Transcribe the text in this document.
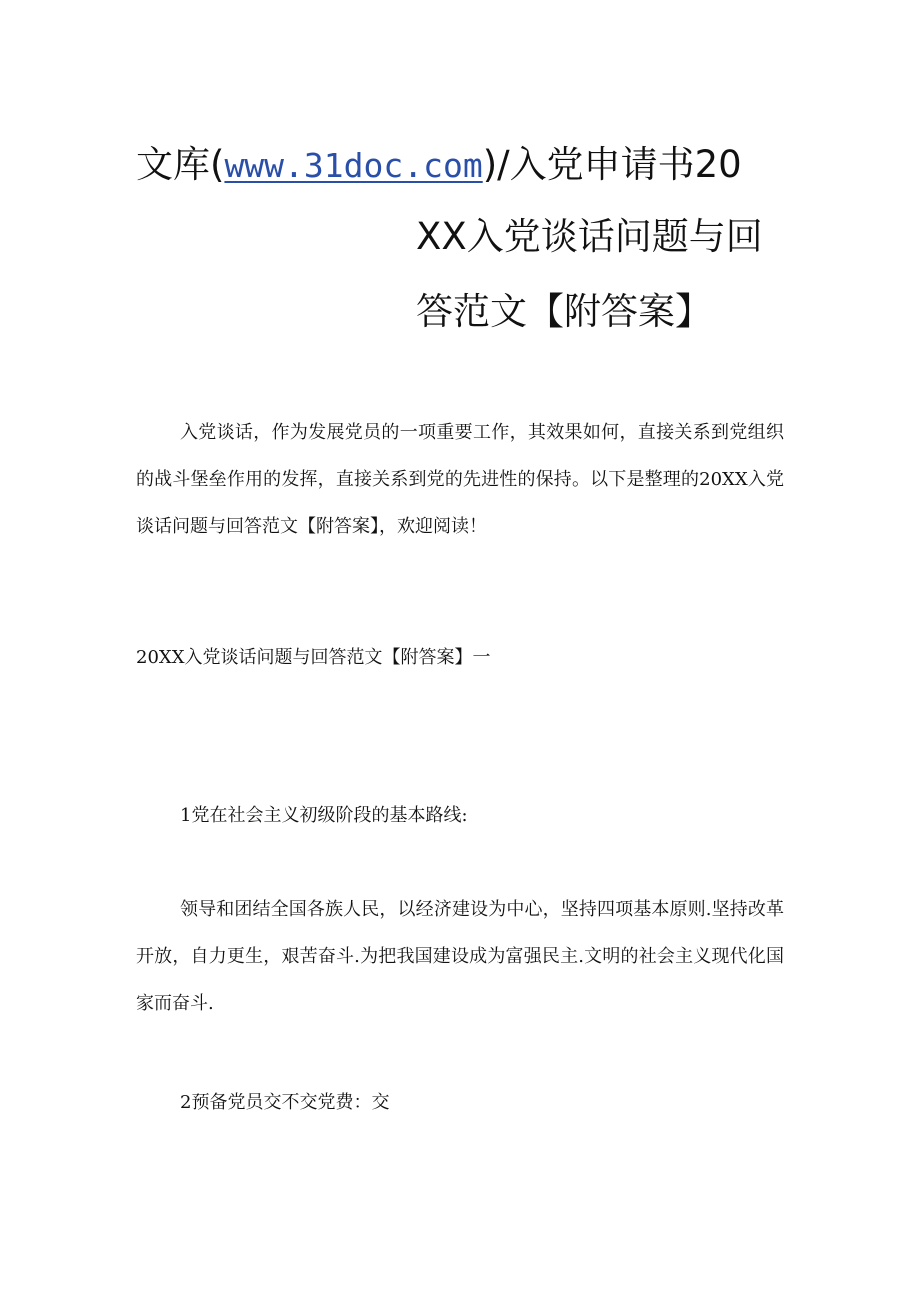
文库(www.31doc.com)/入党申请书20
XX入党谈话问题与回
答范文【附答案】

入党谈话，作为发展党员的一项重要工作，其效果如何，直接关系到党组织的战斗堡垒作用的发挥，直接关系到党的先进性的保持。以下是整理的20XX入党谈话问题与回答范文【附答案】，欢迎阅读！

20XX入党谈话问题与回答范文【附答案】一

1党在社会主义初级阶段的基本路线:

领导和团结全国各族人民，以经济建设为中心，坚持四项基本原则.坚持改革开放，自力更生，艰苦奋斗.为把我国建设成为富强民主.文明的社会主义现代化国家而奋斗.

2预备党员交不交党费：交
